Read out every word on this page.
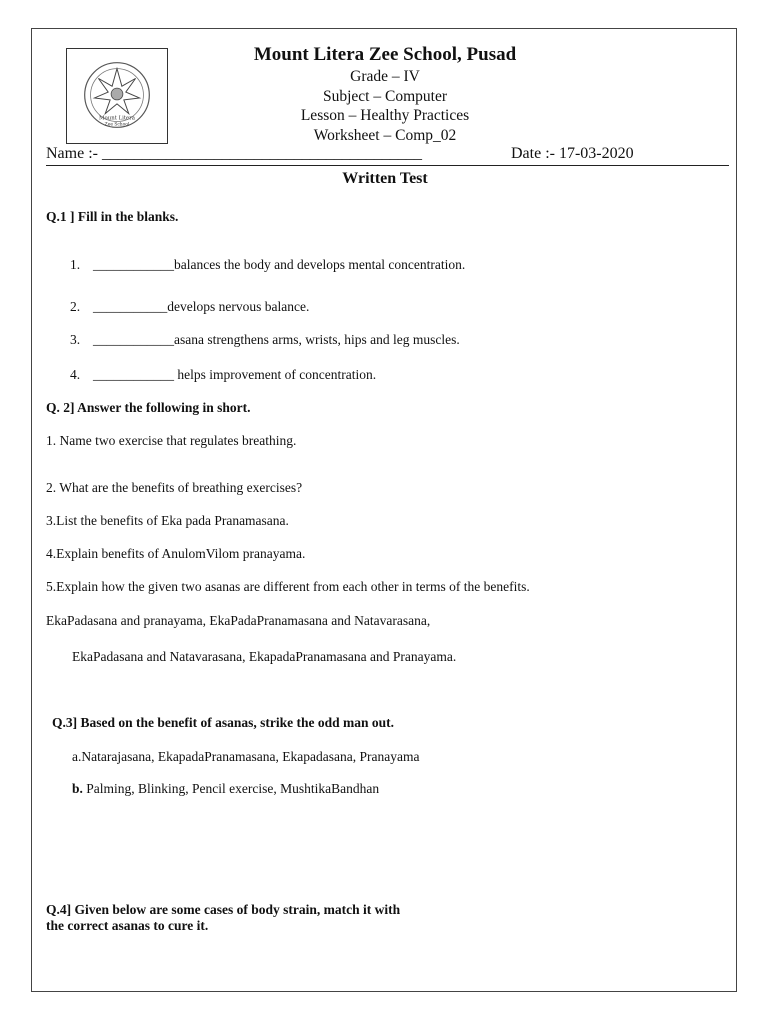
Mount Litera
Zee School
Mount Litera Zee School, Pusad
Grade – IV
Subject – Computer
Lesson – Healthy Practices
Worksheet – Comp_02
Name :- ________________________________________	Date :- 17-03-2020
Written Test
Q.1 ] Fill in the blanks.
1. ____________balances the body and develops mental concentration.
2. ___________develops nervous balance.
3. ____________asana strengthens arms, wrists, hips and leg muscles.
4. ____________ helps improvement of concentration.
Q. 2] Answer the following in short.
1. Name two exercise that regulates breathing.
2. What are the benefits of breathing exercises?
3.List the benefits of Eka pada Pranamasana.
4.Explain benefits of AnulomVilom pranayama.
5.Explain how the given two asanas are different from each other in terms of the benefits.
EkaPadasana and pranayama, EkaPadaPranamasana and Natavarasana,
EkaPadasana and Natavarasana, EkapadaPranamasana and Pranayama.
Q.3] Based on the benefit of asanas, strike the odd man out.
a.Natarajasana, EkapadaPranamasana, Ekapadasana, Pranayama
b. Palming, Blinking, Pencil exercise, MushtikaBandhan
Q.4] Given below are some cases of body strain, match it with
the correct asanas to cure it.
